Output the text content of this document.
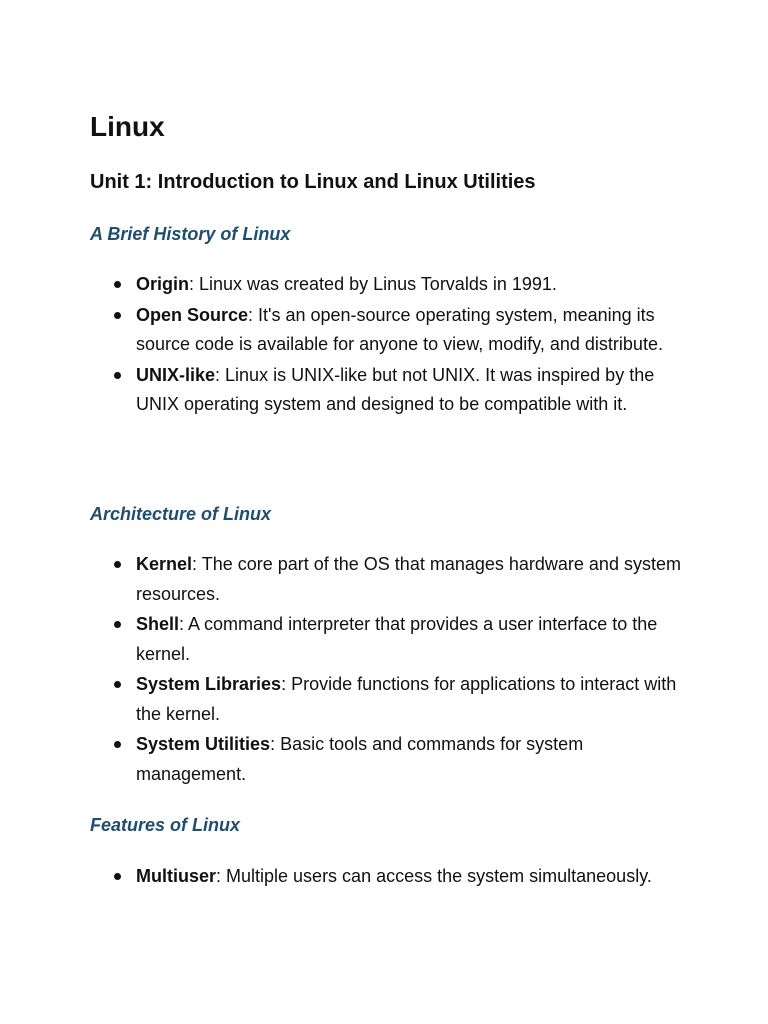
Linux
Unit 1: Introduction to Linux and Linux Utilities
A Brief History of Linux
Origin: Linux was created by Linus Torvalds in 1991.
Open Source: It's an open-source operating system, meaning its source code is available for anyone to view, modify, and distribute.
UNIX-like: Linux is UNIX-like but not UNIX. It was inspired by the UNIX operating system and designed to be compatible with it.
Architecture of Linux
Kernel: The core part of the OS that manages hardware and system resources.
Shell: A command interpreter that provides a user interface to the kernel.
System Libraries: Provide functions for applications to interact with the kernel.
System Utilities: Basic tools and commands for system management.
Features of Linux
Multiuser: Multiple users can access the system simultaneously.
